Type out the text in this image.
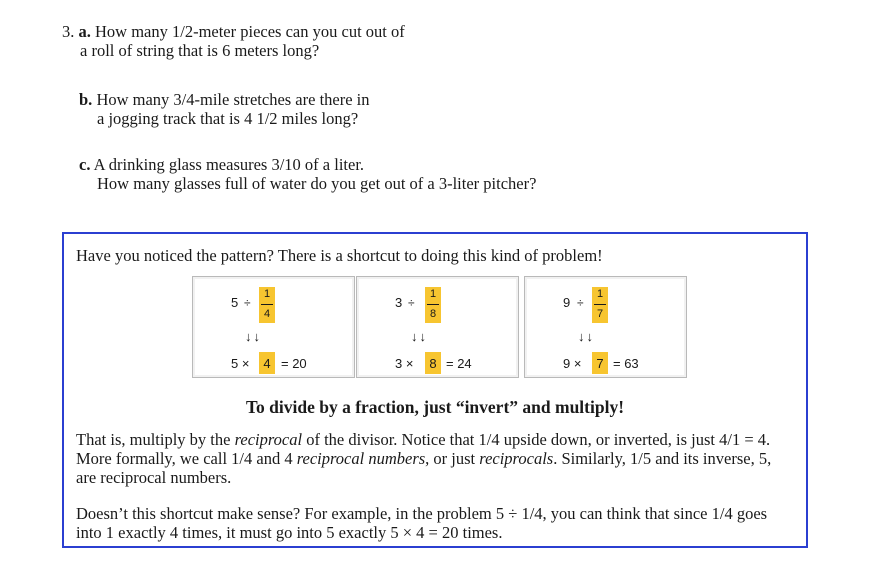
3. a. How many 1/2-meter pieces can you cut out of
a roll of string that is 6 meters long?
b. How many 3/4-mile stretches are there in
a jogging track that is 4 1/2 miles long?
c. A drinking glass measures 3/10 of a liter.
How many glasses full of water do you get out of a 3-liter pitcher?
Have you noticed the pattern? There is a shortcut to doing this kind of problem!
5 ÷
1
4
↓↓
5 ×	4 = 20
3 ÷
1
8
↓↓
3 ×	8 = 24
9 ÷
1
7
↓↓
9 ×	7 = 63
To divide by a fraction, just “invert” and multiply!
That is, multiply by the reciprocal of the divisor. Notice that 1/4 upside down, or inverted, is just 4/1 = 4. More formally, we call 1/4 and 4 reciprocal numbers, or just reciprocals. Similarly, 1/5 and its inverse, 5, are reciprocal numbers.
Doesn’t this shortcut make sense? For example, in the problem 5 ÷ 1/4, you can think that since 1/4 goes into 1 exactly 4 times, it must go into 5 exactly 5 × 4 = 20 times.
